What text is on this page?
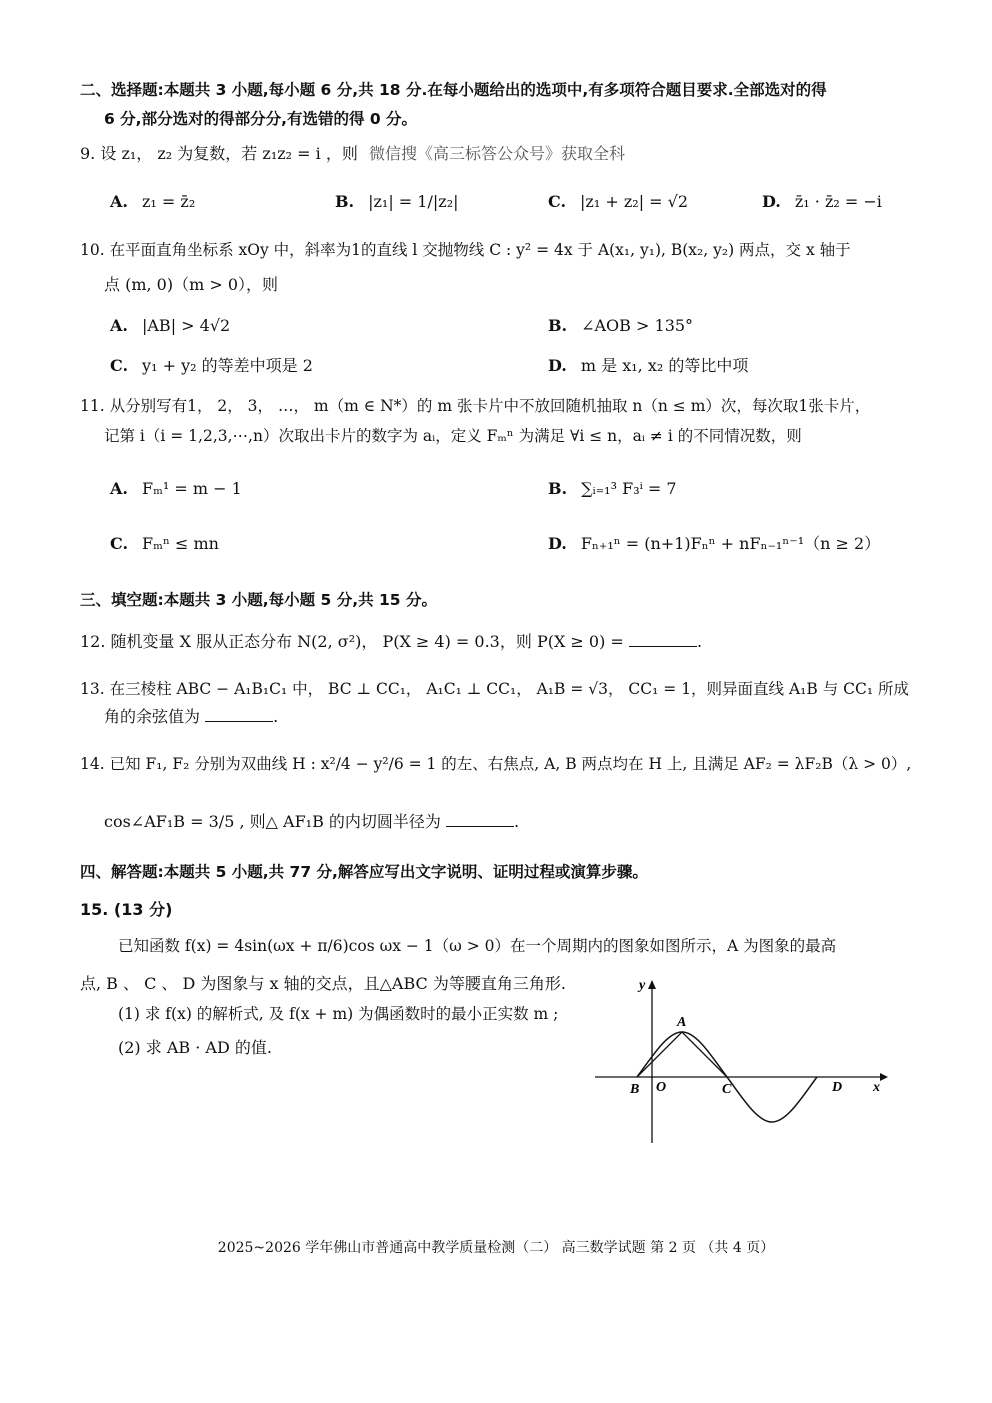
二、选择题:本题共 3 小题,每小题 6 分,共 18 分.在每小题给出的选项中,有多项符合题目要求.全部选对的得
6 分,部分选对的得部分分,有选错的得 0 分。
9. 设 z₁， z₂ 为复数，若 z₁z₂ = i ，则 微信搜《高三标答公众号》获取全科
A. z₁ = z̄₂	B. |z₁| = 1/|z₂|	C. |z₁ + z₂| = √2	D. z̄₁ · z̄₂ = −i
10. 在平面直角坐标系 xOy 中，斜率为1的直线 l 交抛物线 C : y² = 4x 于 A(x₁, y₁), B(x₂, y₂) 两点，交 x 轴于
点 (m, 0)（m > 0），则
A. |AB| > 4√2	B. ∠AOB > 135°
C. y₁ + y₂ 的等差中项是 2	D. m 是 x₁, x₂ 的等比中项
11. 从分别写有1， 2， 3， …， m（m ∈ N*）的 m 张卡片中不放回随机抽取 n（n ≤ m）次，每次取1张卡片，
记第 i（i = 1,2,3,⋯,n）次取出卡片的数字为 aᵢ，定义 Fₘⁿ 为满足 ∀i ≤ n，aᵢ ≠ i 的不同情况数，则
A. Fₘ¹ = m − 1	B. ∑ᵢ₌₁³ F₃ⁱ = 7
C. Fₘⁿ ≤ mn	D. Fₙ₊₁ⁿ = (n+1)Fₙⁿ + nFₙ₋₁ⁿ⁻¹（n ≥ 2）
三、填空题:本题共 3 小题,每小题 5 分,共 15 分。
12. 随机变量 X 服从正态分布 N(2, σ²)， P(X ≥ 4) = 0.3，则 P(X ≥ 0) =	.
13. 在三棱柱 ABC − A₁B₁C₁ 中， BC ⊥ CC₁， A₁C₁ ⊥ CC₁， A₁B = √3， CC₁ = 1，则异面直线 A₁B 与 CC₁ 所成
角的余弦值为	.
14. 已知 F₁, F₂ 分别为双曲线 H : x²/4 − y²/6 = 1 的左、右焦点, A, B 两点均在 H 上, 且满足 AF₂ = λF₂B（λ > 0）,
cos∠AF₁B = 3/5 , 则△ AF₁B 的内切圆半径为	.
四、解答题:本题共 5 小题,共 77 分,解答应写出文字说明、证明过程或演算步骤。
15. (13 分)
已知函数 f(x) = 4sin(ωx + π/6)cos ωx − 1（ω > 0）在一个周期内的图象如图所示，A 为图象的最高
点, B 、 C 、 D 为图象与 x 轴的交点，且△ABC 为等腰直角三角形.
(1) 求 f(x) 的解析式, 及 f(x + m) 为偶函数时的最小正实数 m ;
(2) 求 AB · AD 的值.
y
x
A
B O	C	D
2025~2026 学年佛山市普通高中教学质量检测（二） 高三数学试题 第 2 页 （共 4 页）
